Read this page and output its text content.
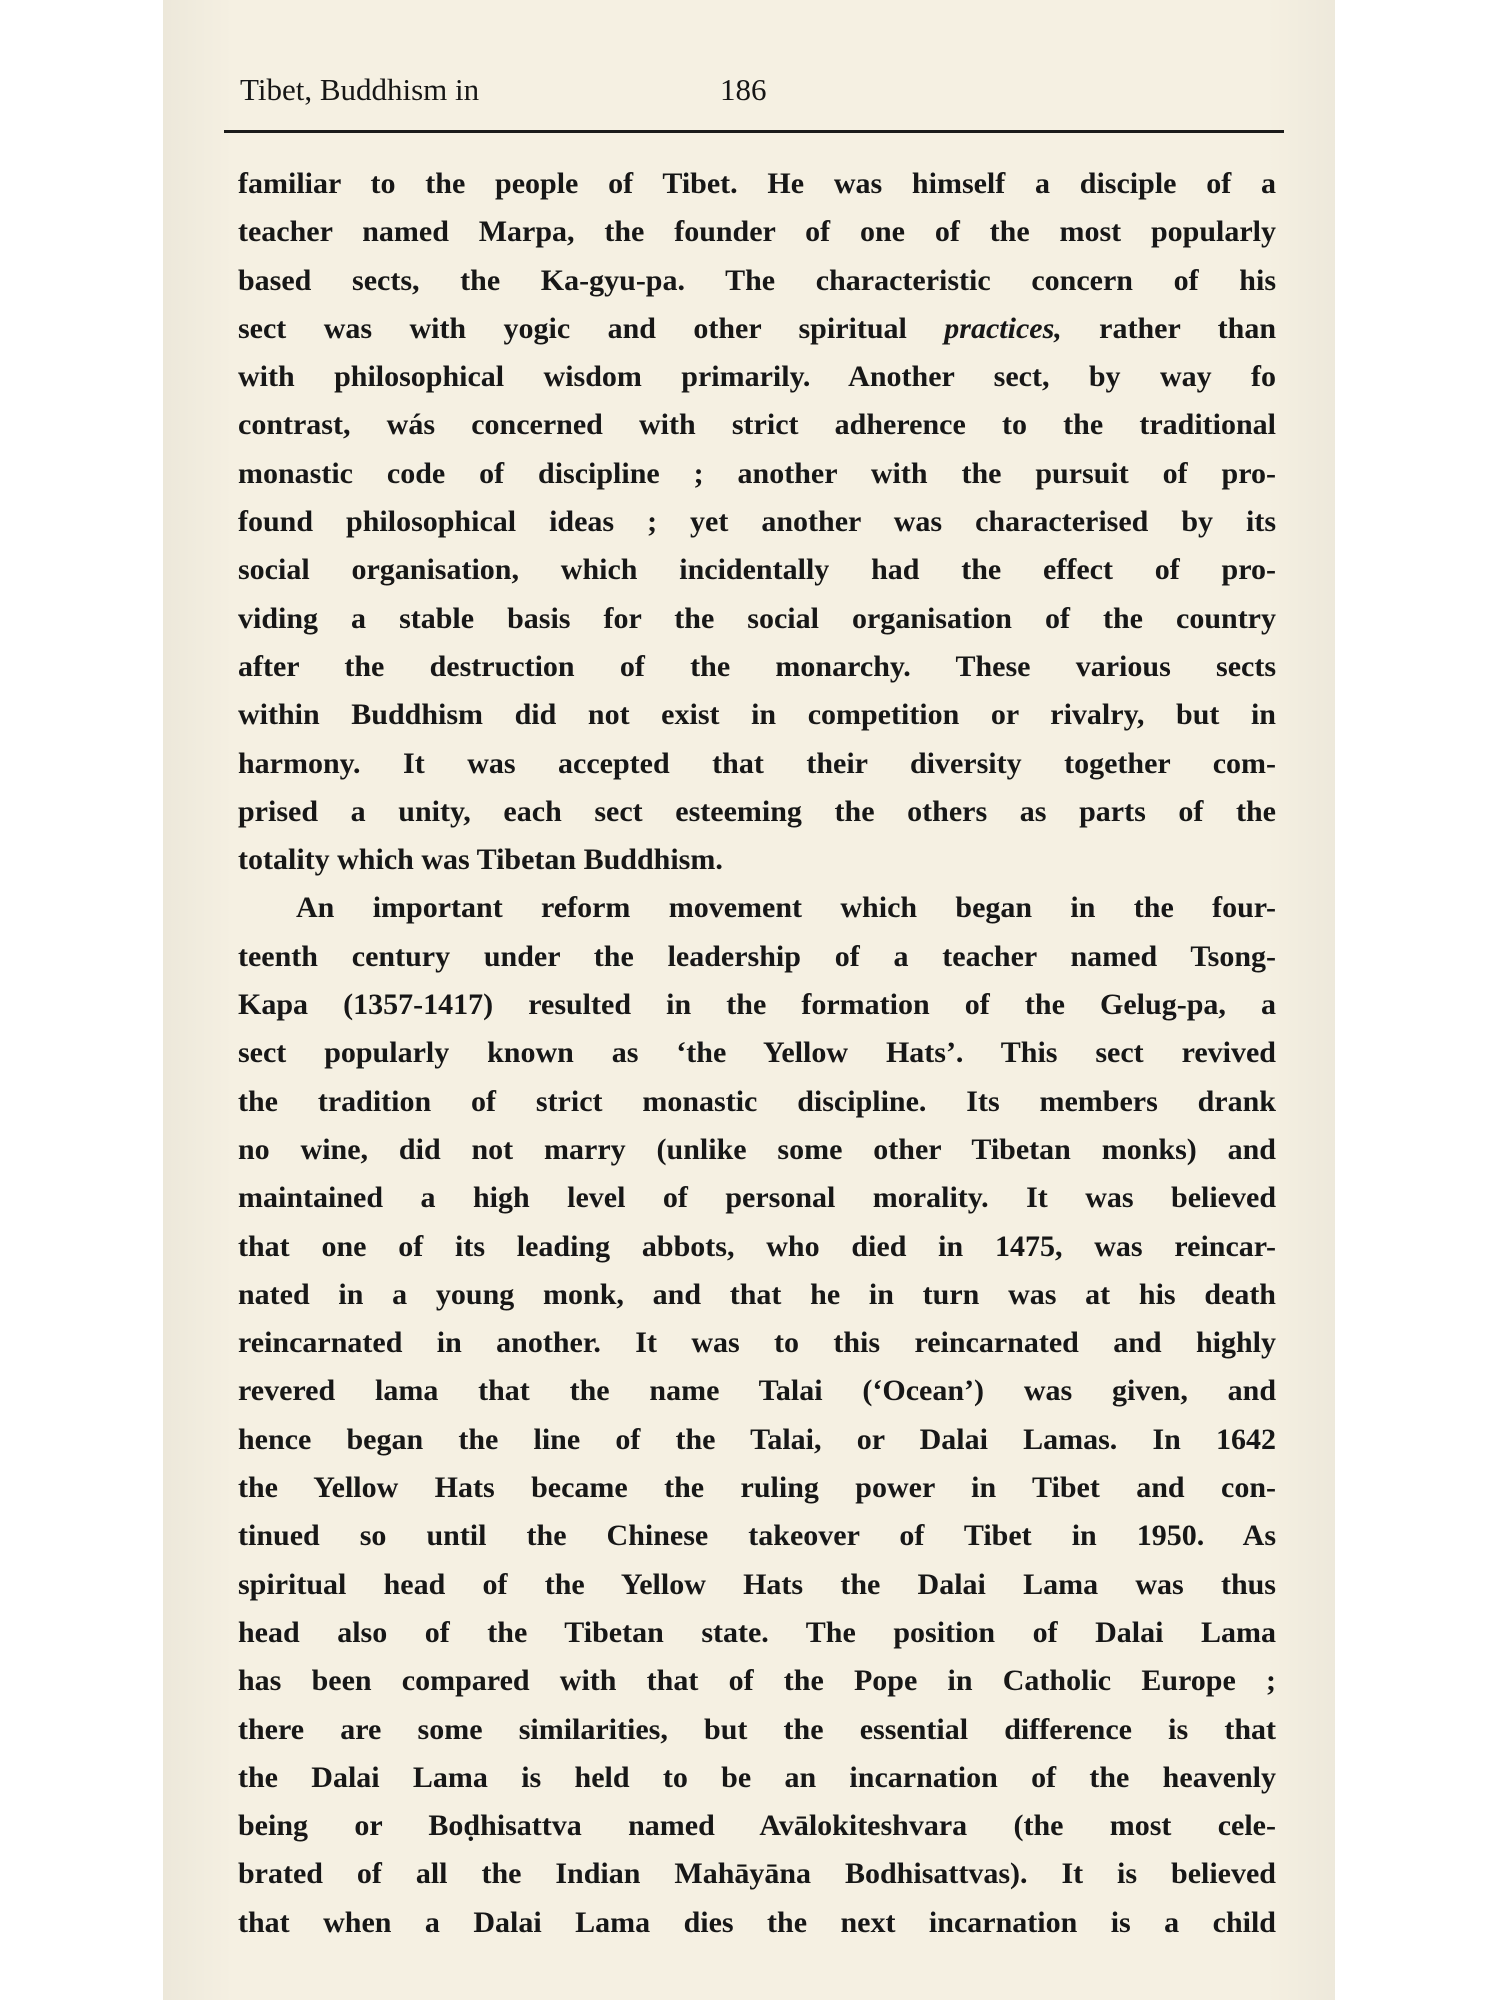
Tibet, Buddhism in	186
familiar to the people of Tibet. He was himself a disciple of a
teacher named Marpa, the founder of one of the most popularly
based sects, the Ka-gyu-pa. The characteristic concern of his
sect was with yogic and other spiritual practices, rather than
with philosophical wisdom primarily. Another sect, by way fo
contrast, wás concerned with strict adherence to the traditional
monastic code of discipline ; another with the pursuit of pro-
found philosophical ideas ; yet another was characterised by its
social organisation, which incidentally had the effect of pro-
viding a stable basis for the social organisation of the country
after the destruction of the monarchy. These various sects
within Buddhism did not exist in competition or rivalry, but in
harmony. It was accepted that their diversity together com-
prised a unity, each sect esteeming the others as parts of the
totality which was Tibetan Buddhism.
An important reform movement which began in the four-
teenth century under the leadership of a teacher named Tsong-
Kapa (1357-1417) resulted in the formation of the Gelug-pa, a
sect popularly known as ‘the Yellow Hats’. This sect revived
the tradition of strict monastic discipline. Its members drank
no wine, did not marry (unlike some other Tibetan monks) and
maintained a high level of personal morality. It was believed
that one of its leading abbots, who died in 1475, was reincar-
nated in a young monk, and that he in turn was at his death
reincarnated in another. It was to this reincarnated and highly
revered lama that the name Talai (‘Ocean’) was given, and
hence began the line of the Talai, or Dalai Lamas. In 1642
the Yellow Hats became the ruling power in Tibet and con-
tinued so until the Chinese takeover of Tibet in 1950. As
spiritual head of the Yellow Hats the Dalai Lama was thus
head also of the Tibetan state. The position of Dalai Lama
has been compared with that of the Pope in Catholic Europe ;
there are some similarities, but the essential difference is that
the Dalai Lama is held to be an incarnation of the heavenly
being or Boḍhisattva named Avālokiteshvara (the most cele-
brated of all the Indian Mahāyāna Bodhisattvas). It is believed
that when a Dalai Lama dies the next incarnation is a child
